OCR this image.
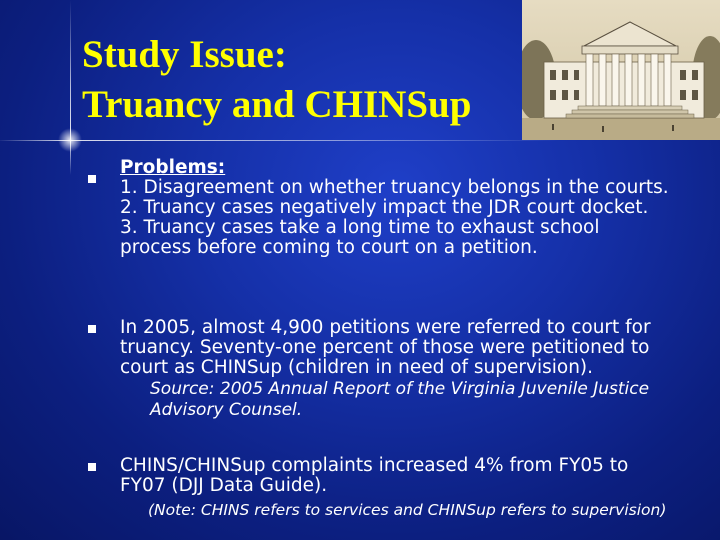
Study Issue:
Truancy and CHINSup

Problems:

1. Disagreement on whether truancy belongs in the courts.

2. Truancy cases negatively impact the JDR court docket.

3. Truancy cases take a long time to exhaust school

process before coming to court on a petition.

In 2005, almost 4,900 petitions were referred to court for

truancy. Seventy-one percent of those were petitioned to

court as CHINSup (children in need of supervision).

Source: 2005 Annual Report of the Virginia Juvenile Justice

Advisory Counsel.

CHINS/CHINSup complaints increased 4% from FY05 to

FY07 (DJJ Data Guide).

(Note: CHINS refers to services and CHINSup refers to supervision)
